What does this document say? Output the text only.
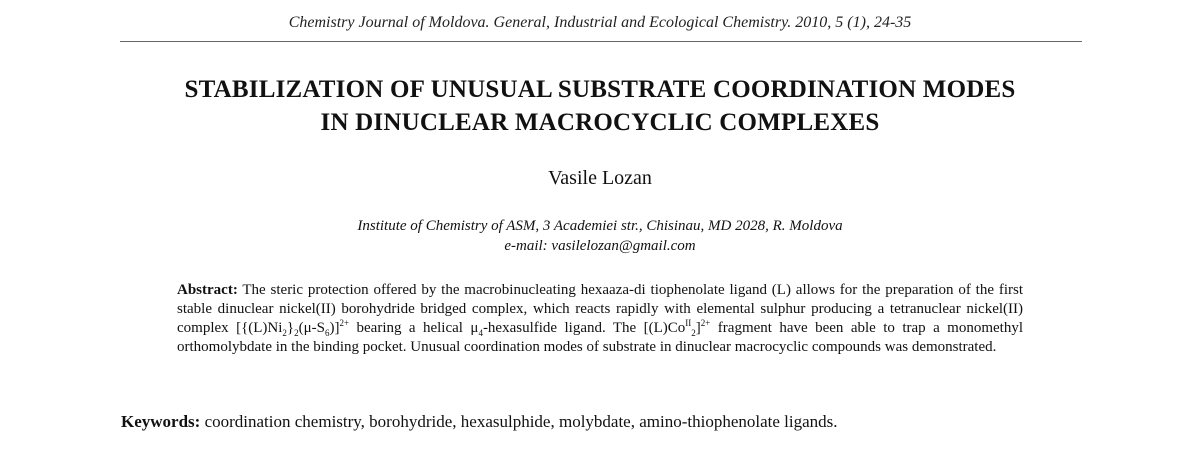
Chemistry Journal of Moldova. General, Industrial and Ecological Chemistry. 2010, 5 (1), 24-35
STABILIZATION OF UNUSUAL SUBSTRATE COORDINATION MODES
IN DINUCLEAR MACROCYCLIC COMPLEXES
Vasile Lozan
Institute of Chemistry of ASM, 3 Academiei str., Chisinau, MD 2028, R. Moldova
e-mail: vasilelozan@gmail.com
Abstract: The steric protection offered by the macrobinucleating hexaaza-di tiophenolate ligand (L) allows for the preparation of the first stable dinuclear nickel(II) borohydride bridged complex, which reacts rapidly with elemental sulphur producing a tetranuclear nickel(II) complex $[\{(L)Ni_2\}_2(\mu-S_6)]^{2+}$ bearing a helical $\mu_4$-hexasulfide ligand. The $[(L)Co^{II}_2]^{2+}$ fragment have been able to trap a monomethyl orthomolybdate in the binding pocket. Unusual coordination modes of substrate in dinuclear macrocyclic compounds was demonstrated.
Keywords: coordination chemistry, borohydride, hexasulphide, molybdate, amino-thiophenolate ligands.
